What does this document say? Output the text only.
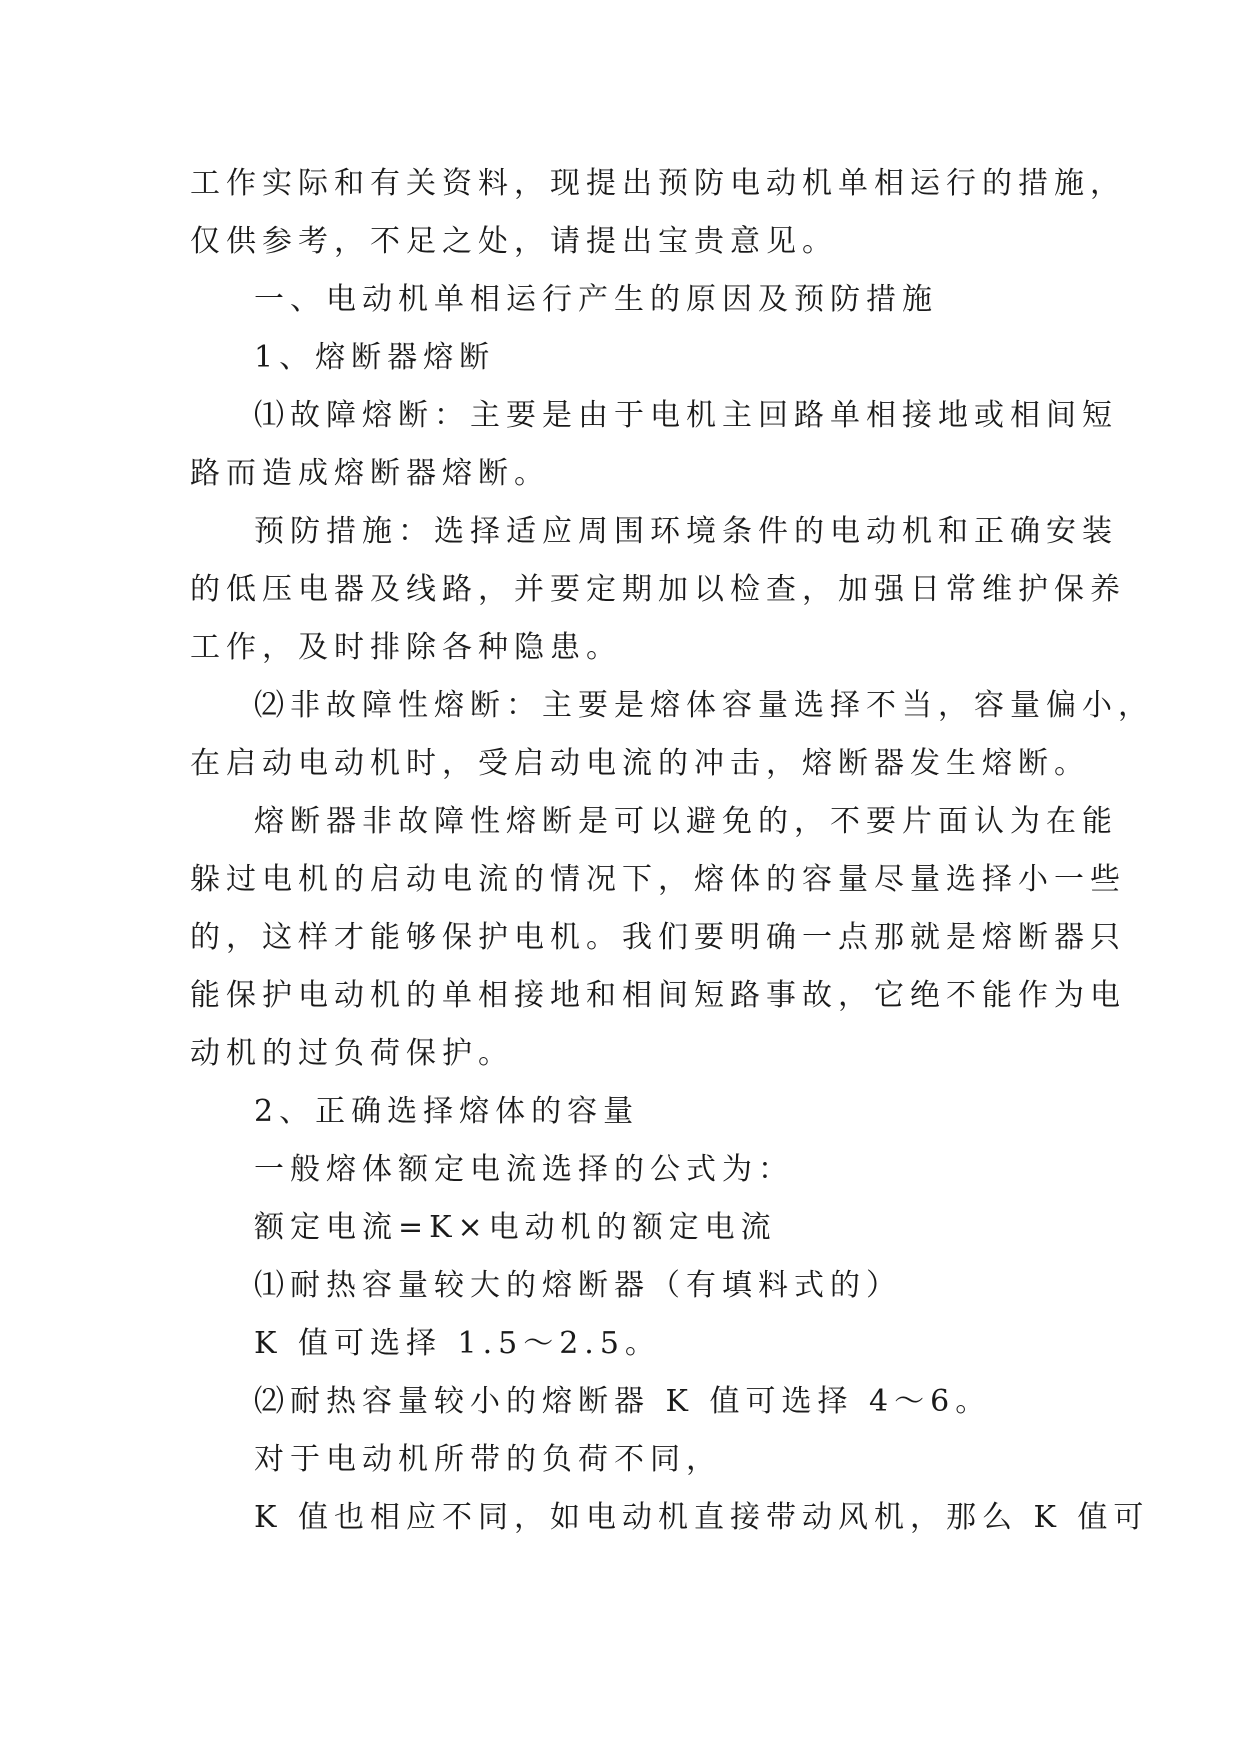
工作实际和有关资料，现提出预防电动机单相运行的措施，
仅供参考，不足之处，请提出宝贵意见。
一、电动机单相运行产生的原因及预防措施
1、熔断器熔断
⑴故障熔断：主要是由于电机主回路单相接地或相间短
路而造成熔断器熔断。
预防措施：选择适应周围环境条件的电动机和正确安装
的低压电器及线路，并要定期加以检查，加强日常维护保养
工作，及时排除各种隐患。
⑵非故障性熔断：主要是熔体容量选择不当，容量偏小，
在启动电动机时，受启动电流的冲击，熔断器发生熔断。
熔断器非故障性熔断是可以避免的，不要片面认为在能
躲过电机的启动电流的情况下，熔体的容量尽量选择小一些
的，这样才能够保护电机。我们要明确一点那就是熔断器只
能保护电动机的单相接地和相间短路事故，它绝不能作为电
动机的过负荷保护。
2、正确选择熔体的容量
一般熔体额定电流选择的公式为：
额定电流=K×电动机的额定电流
⑴耐热容量较大的熔断器（有填料式的）
K 值可选择 1.5～2.5。
⑵耐热容量较小的熔断器 K 值可选择 4～6。
对于电动机所带的负荷不同，
K 值也相应不同，如电动机直接带动风机，那么 K 值可
